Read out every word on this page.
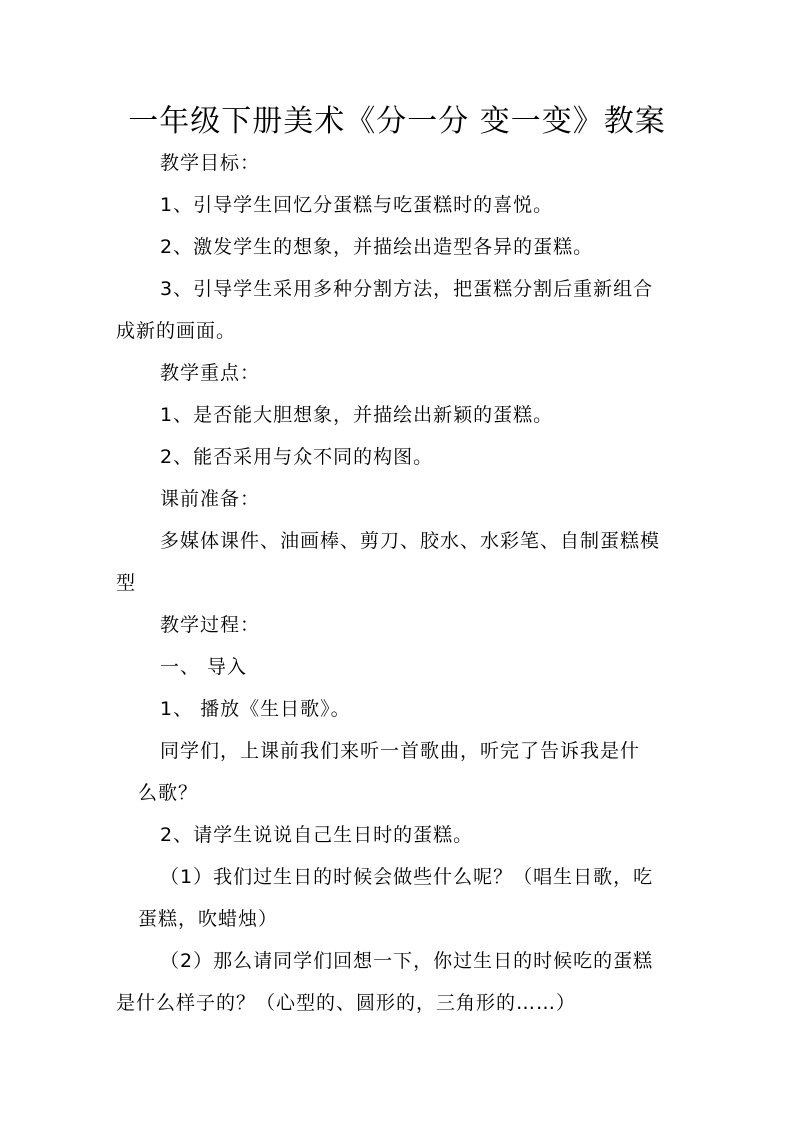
一年级下册美术《分一分 变一变》教案
教学目标：
1、引导学生回忆分蛋糕与吃蛋糕时的喜悦。
2、激发学生的想象，并描绘出造型各异的蛋糕。
3、引导学生采用多种分割方法，把蛋糕分割后重新组合
成新的画面。
教学重点：
1、是否能大胆想象，并描绘出新颖的蛋糕。
2、能否采用与众不同的构图。
课前准备：
多媒体课件、油画棒、剪刀、胶水、水彩笔、自制蛋糕模
型
教学过程：
一、 导入
1、 播放《生日歌》。
同学们，上课前我们来听一首歌曲，听完了告诉我是什
么歌？
2、请学生说说自己生日时的蛋糕。
（1）我们过生日的时候会做些什么呢？（唱生日歌，吃
蛋糕，吹蜡烛）
（2）那么请同学们回想一下，你过生日的时候吃的蛋糕
是什么样子的？（心型的、圆形的，三角形的……）
